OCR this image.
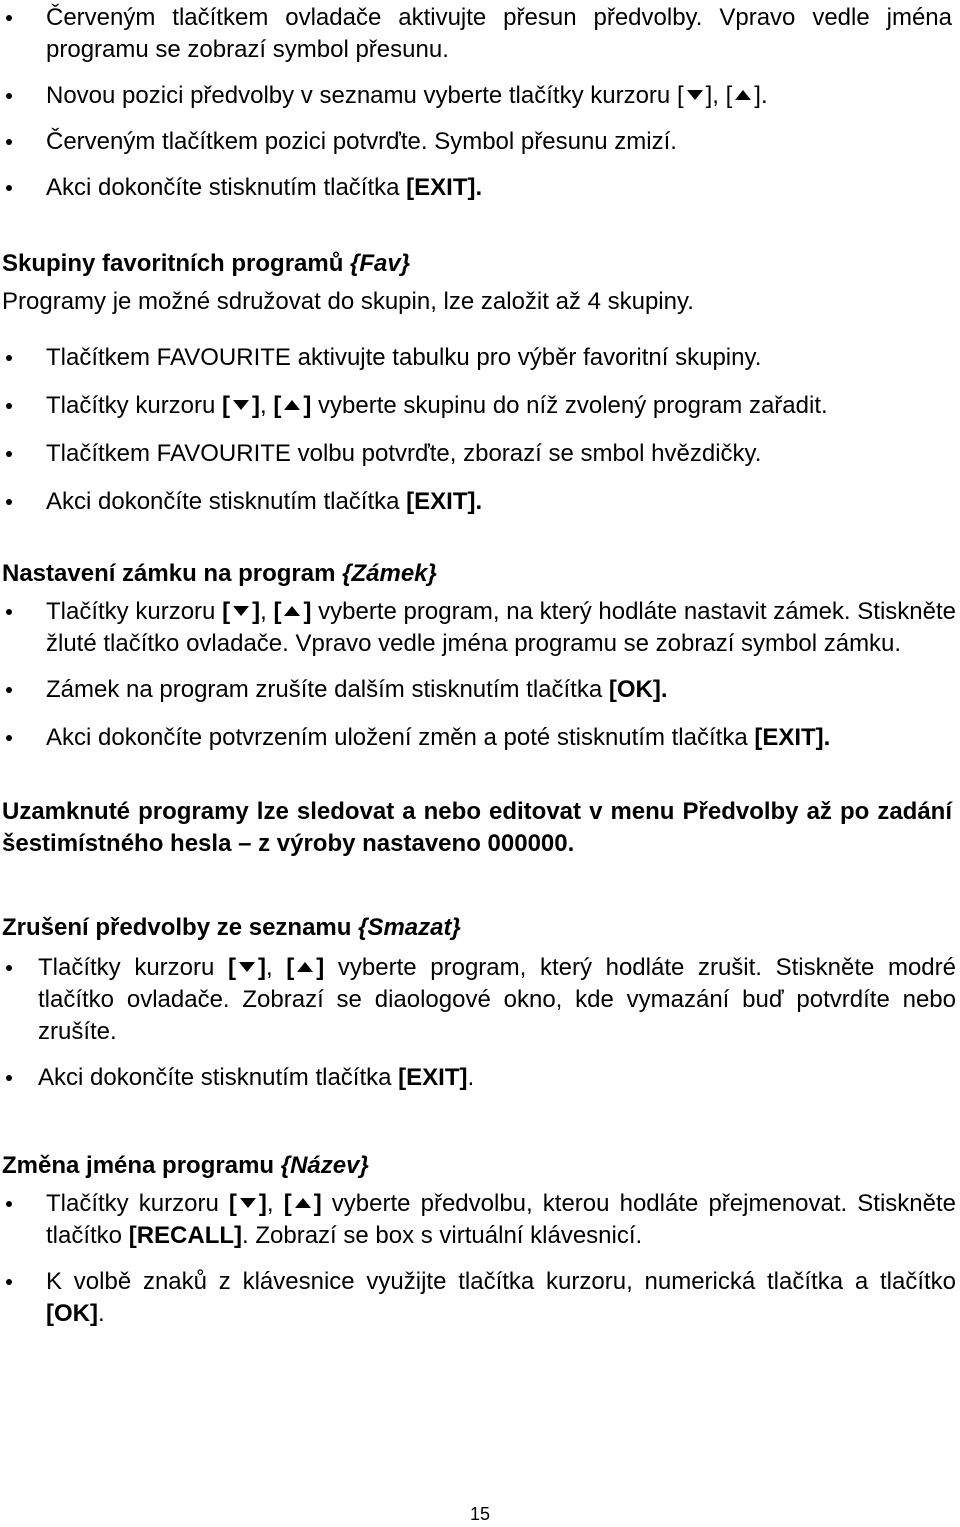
Červeným tlačítkem ovladače aktivujte přesun předvolby. Vpravo vedle jména programu se zobrazí symbol přesunu.
Novou pozici předvolby v seznamu vyberte tlačítky kurzoru [ ], [ ].
Červeným tlačítkem pozici potvrďte. Symbol přesunu zmizí.
Akci dokončíte stisknutím tlačítka [EXIT].
Skupiny favoritních programů {Fav}
Programy je možné sdružovat do skupin, lze založit až 4 skupiny.
Tlačítkem FAVOURITE aktivujte tabulku pro výběr favoritní skupiny.
Tlačítky kurzoru [ ], [ ] vyberte skupinu do níž zvolený program zařadit.
Tlačítkem FAVOURITE volbu potvrďte, zborazí se smbol hvězdičky.
Akci dokončíte stisknutím tlačítka [EXIT].
Nastavení zámku na program {Zámek}
Tlačítky kurzoru [ ], [ ] vyberte program, na který hodláte nastavit zámek. Stiskněte žluté tlačítko ovladače. Vpravo vedle jména programu se zobrazí symbol zámku.
Zámek na program zrušíte dalším stisknutím tlačítka [OK].
Akci dokončíte potvrzením uložení změn a poté stisknutím tlačítka [EXIT].
Uzamknuté programy lze sledovat a nebo editovat v menu Předvolby až po zadání šestimístného hesla – z výroby nastaveno 000000.
Zrušení předvolby ze seznamu {Smazat}
Tlačítky kurzoru [ ], [ ] vyberte program, který hodláte zrušit. Stiskněte modré tlačítko ovladače. Zobrazí se diaologové okno, kde vymazání buď potvrdíte nebo zrušíte.
Akci dokončíte stisknutím tlačítka [EXIT].
Změna jména programu {Název}
Tlačítky kurzoru [ ], [ ] vyberte předvolbu, kterou hodláte přejmenovat. Stiskněte tlačítko [RECALL]. Zobrazí se box s virtuální klávesnicí.
K volbě znaků z klávesnice využijte tlačítka kurzoru, numerická tlačítka a tlačítko [OK].
15
